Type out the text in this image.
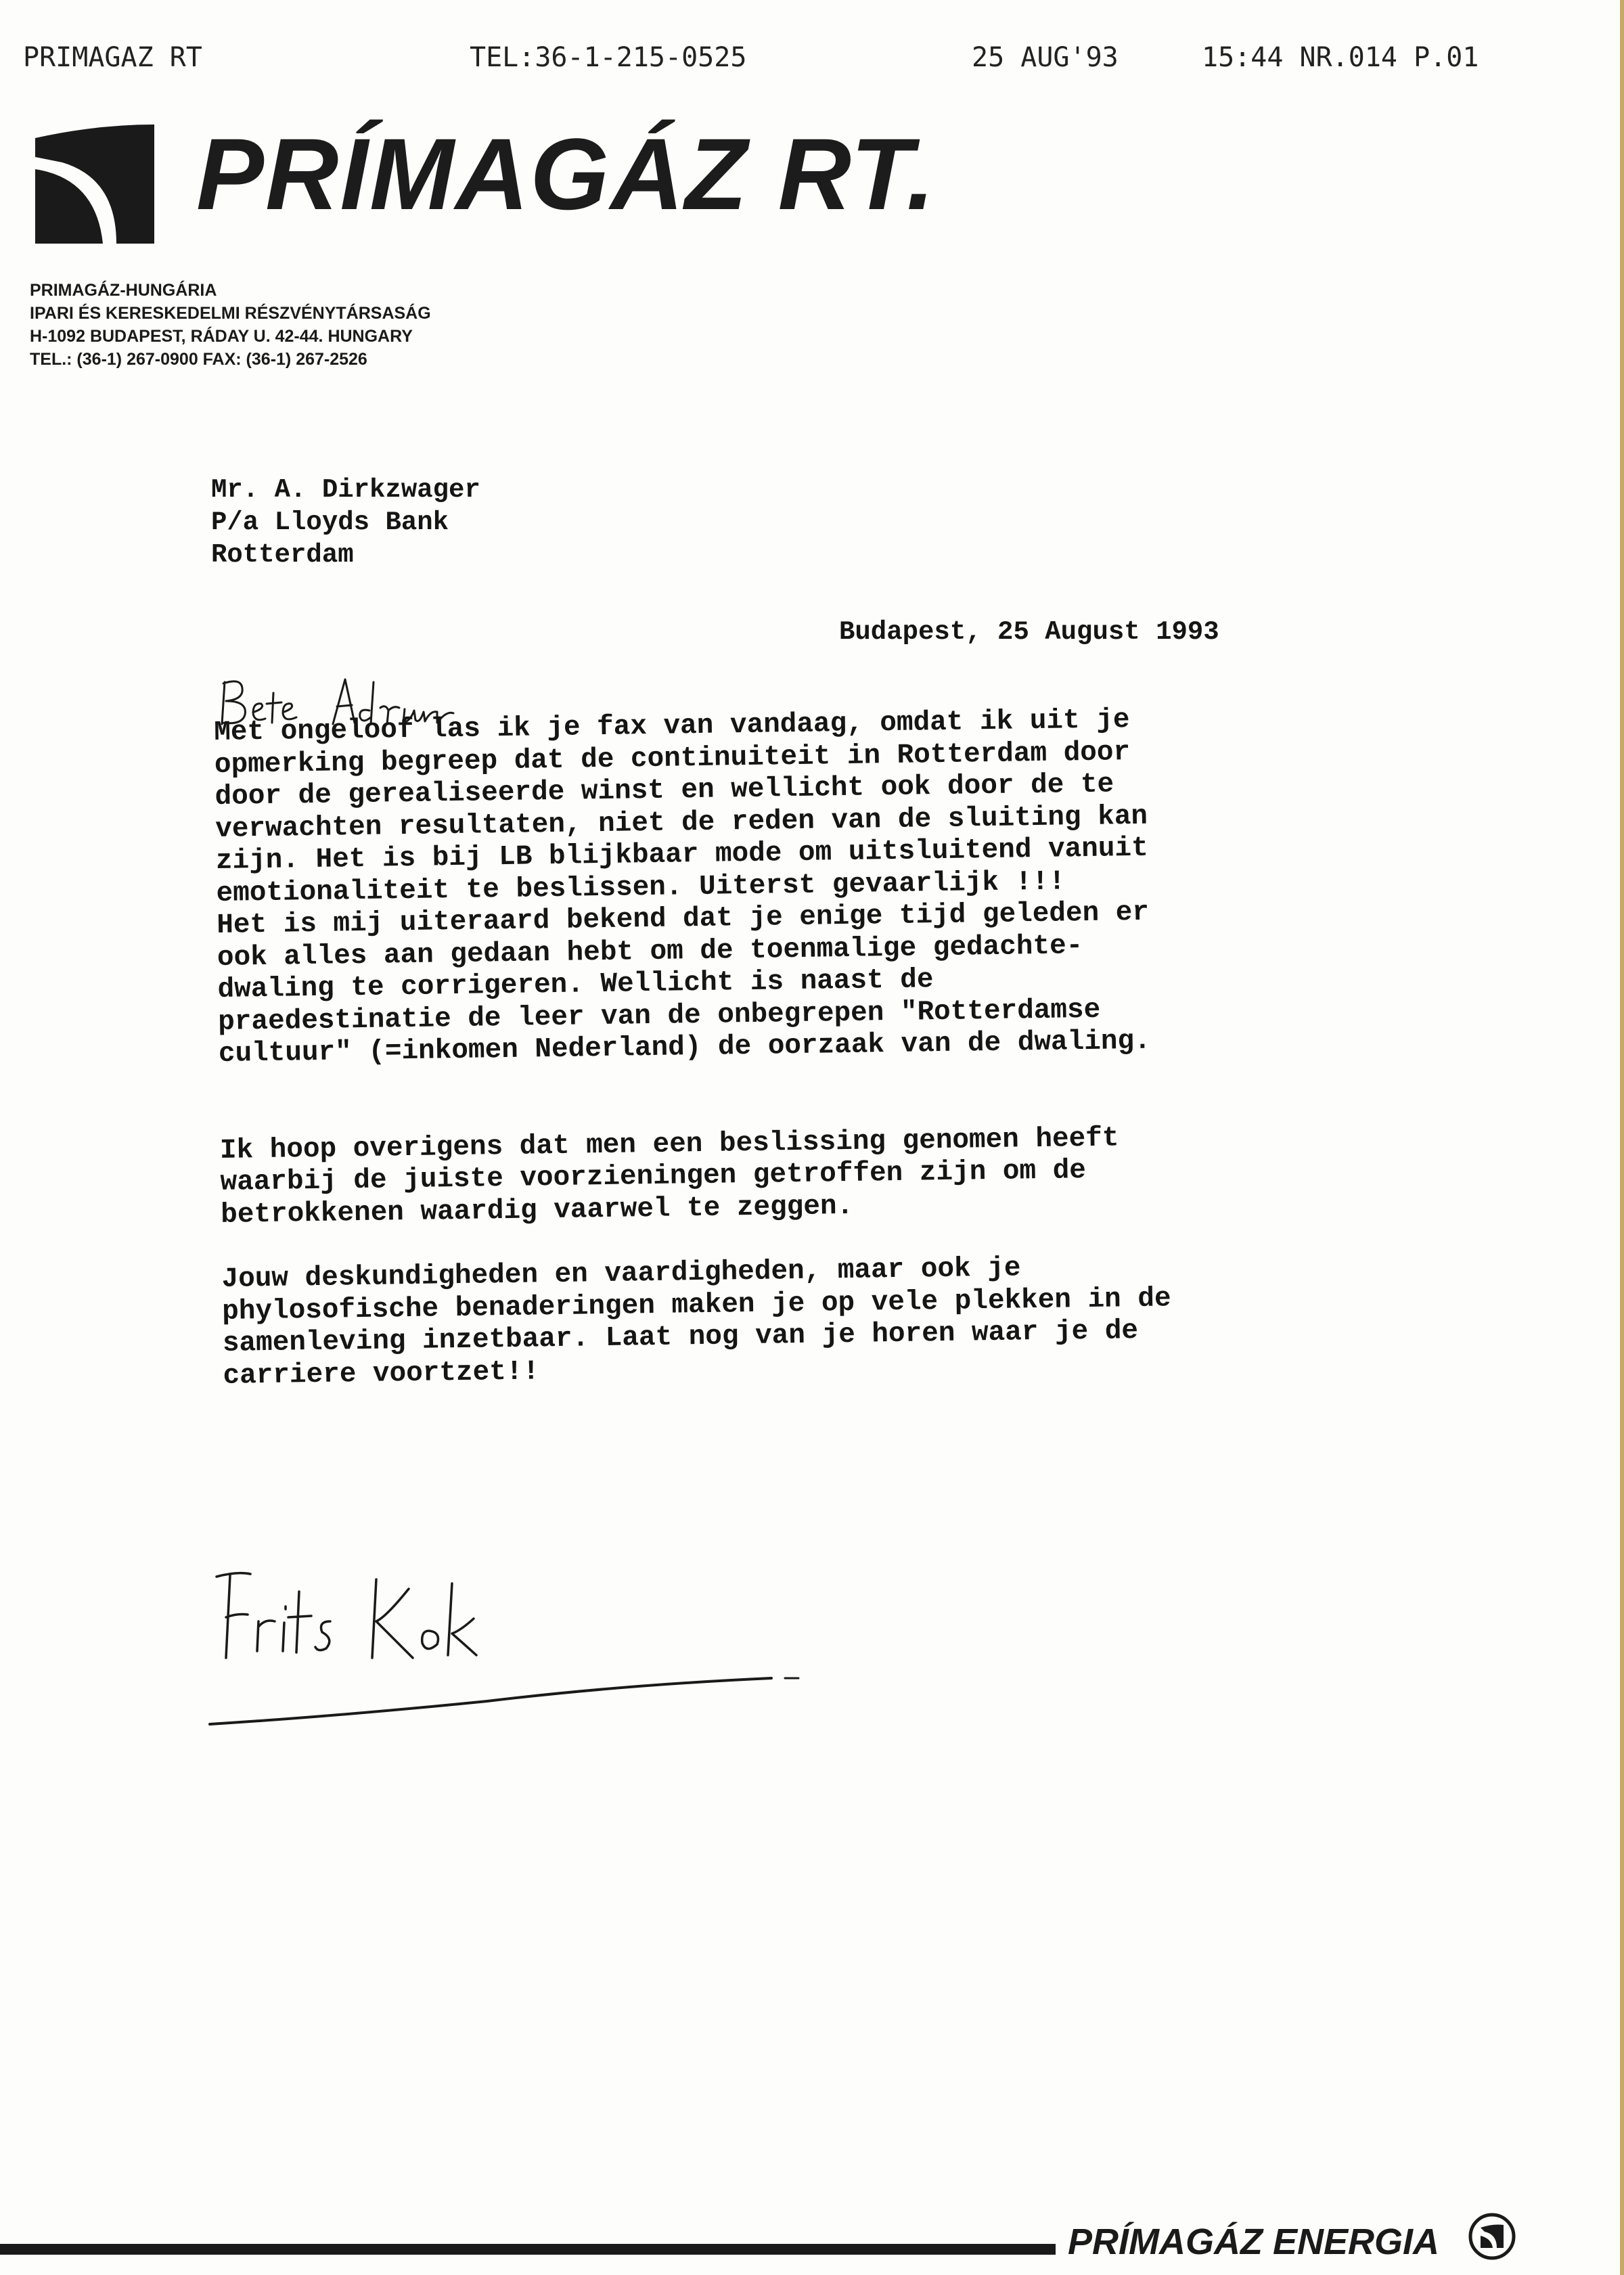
PRIMAGAZ RT	TEL:36-1-215-0525	25 AUG'93	15:44 NR.014 P.01
PRÍMAGÁZ RT.
PRIMAGÁZ-HUNGÁRIA
IPARI ÉS KERESKEDELMI RÉSZVÉNYTÁRSASÁG
H-1092 BUDAPEST, RÁDAY U. 42-44. HUNGARY
TEL.: (36-1) 267-0900 FAX: (36-1) 267-2526
Mr. A. Dirkzwager
P/a Lloyds Bank
Rotterdam
Budapest, 25 August 1993
Met ongeloof las ik je fax van vandaag, omdat ik uit je
opmerking begreep dat de continuiteit in Rotterdam door
door de gerealiseerde winst en wellicht ook door de te
verwachten resultaten, niet de reden van de sluiting kan
zijn. Het is bij LB blijkbaar mode om uitsluitend vanuit
emotionaliteit te beslissen. Uiterst gevaarlijk !!!
Het is mij uiteraard bekend dat je enige tijd geleden er
ook alles aan gedaan hebt om de toenmalige gedachte-
dwaling te corrigeren. Wellicht is naast de
praedestinatie de leer van de onbegrepen "Rotterdamse
cultuur" (=inkomen Nederland) de oorzaak van de dwaling.
Ik hoop overigens dat men een beslissing genomen heeft
waarbij de juiste voorzieningen getroffen zijn om de
betrokkenen waardig vaarwel te zeggen.
Jouw deskundigheden en vaardigheden, maar ook je
phylosofische benaderingen maken je op vele plekken in de
samenleving inzetbaar. Laat nog van je horen waar je de
carriere voortzet!!
PRÍMAGÁZ ENERGIA
